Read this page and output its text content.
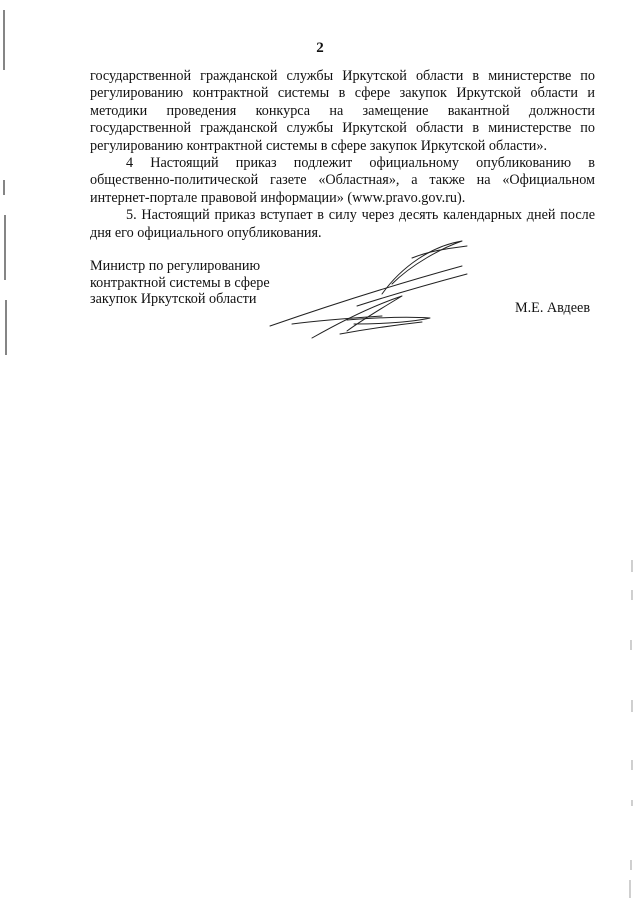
2

государственной гражданской службы Иркутской области в министерстве по регулированию контрактной системы в сфере закупок Иркутской области и методики проведения конкурса на замещение вакантной должности государственной гражданской службы Иркутской области в министерстве по регулированию контрактной системы в сфере закупок Иркутской области».

4 Настоящий приказ подлежит официальному опубликованию в общественно-политической газете «Областная», а также на «Официальном интернет-портале правовой информации» (www.pravo.gov.ru).

5. Настоящий приказ вступает в силу через десять календарных дней после дня его официального опубликования.

Министр по регулированию
контрактной системы в сфере
закупок Иркутской области
М.Е. Авдеев
